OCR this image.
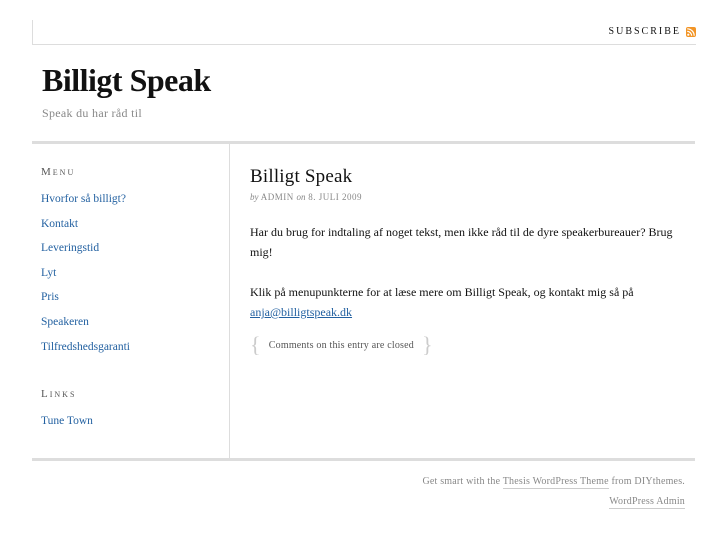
SUBSCRIBE
Billigt Speak
Speak du har råd til
Menu
Hvorfor så billigt?
Kontakt
Leveringstid
Lyt
Pris
Speakeren
Tilfredshedsgaranti
Links
Tune Town
Billigt Speak
by ADMIN on 8. JULI 2009

Har du brug for indtaling af noget tekst, men ikke råd til de dyre speakerbureauer? Brug mig!

Klik på menupunkterne for at læse mere om Billigt Speak, og kontakt mig så på anja@billigtspeak.dk

{ Comments on this entry are closed }
Get smart with the Thesis WordPress Theme from DIYthemes.
WordPress Admin
